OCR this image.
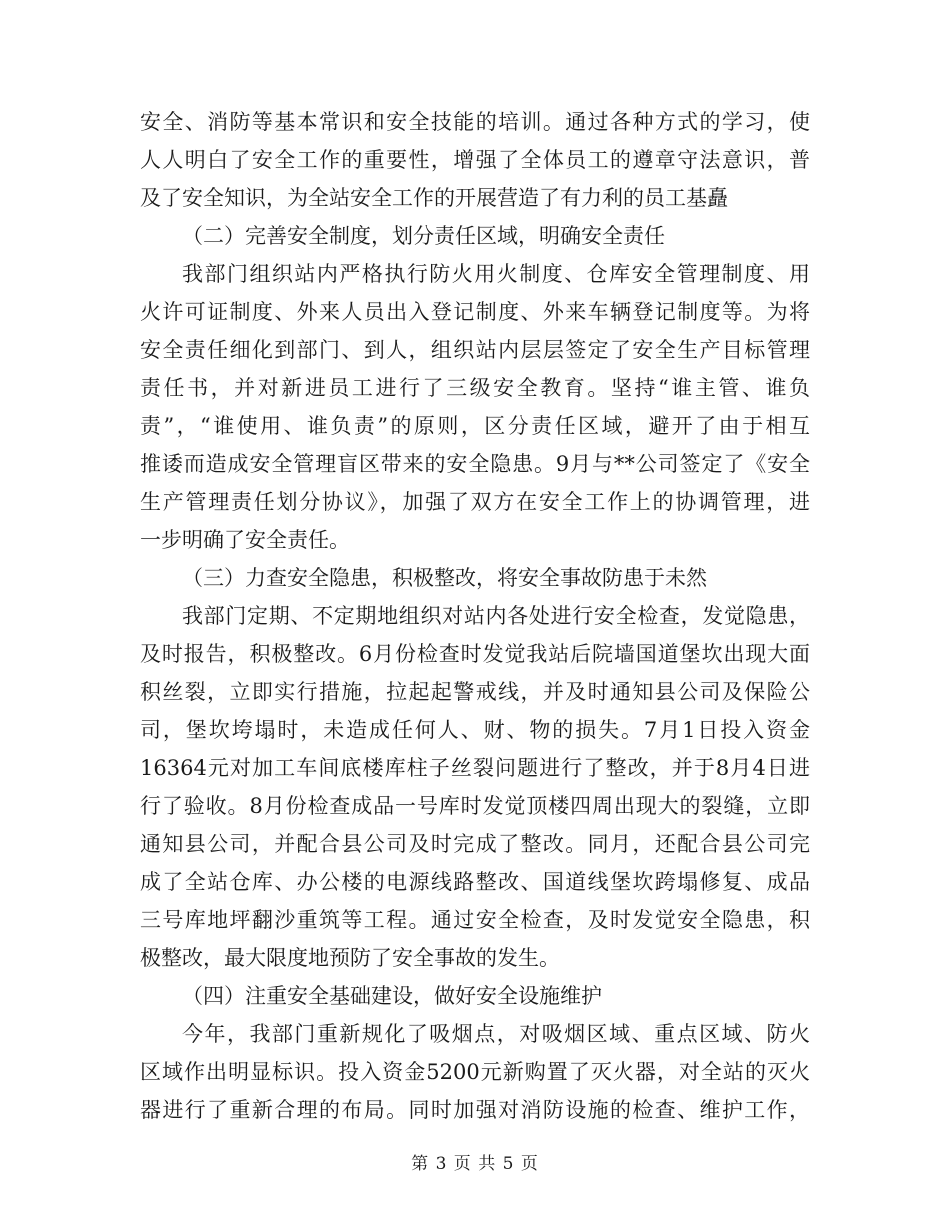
安全、消防等基本常识和安全技能的培训。通过各种方式的学习，使
人人明白了安全工作的重要性，增强了全体员工的遵章守法意识，普
及了安全知识，为全站安全工作的开展营造了有力利的员工基矗
（二）完善安全制度，划分责任区域，明确安全责任
我部门组织站内严格执行防火用火制度、仓库安全管理制度、用
火许可证制度、外来人员出入登记制度、外来车辆登记制度等。为将
安全责任细化到部门、到人，组织站内层层签定了安全生产目标管理
责任书，并对新进员工进行了三级安全教育。坚持“谁主管、谁负
责”，“谁使用、谁负责”的原则，区分责任区域，避开了由于相互
推诿而造成安全管理盲区带来的安全隐患。9月与**公司签定了《安全
生产管理责任划分协议》，加强了双方在安全工作上的协调管理，进
一步明确了安全责任。
（三）力查安全隐患，积极整改，将安全事故防患于未然
我部门定期、不定期地组织对站内各处进行安全检查，发觉隐患，
及时报告，积极整改。6月份检查时发觉我站后院墙国道堡坎出现大面
积丝裂，立即实行措施，拉起起警戒线，并及时通知县公司及保险公
司，堡坎垮塌时，未造成任何人、财、物的损失。7月1日投入资金
16364元对加工车间底楼库柱子丝裂问题进行了整改，并于8月4日进
行了验收。8月份检查成品一号库时发觉顶楼四周出现大的裂缝，立即
通知县公司，并配合县公司及时完成了整改。同月，还配合县公司完
成了全站仓库、办公楼的电源线路整改、国道线堡坎跨塌修复、成品
三号库地坪翻沙重筑等工程。通过安全检查，及时发觉安全隐患，积
极整改，最大限度地预防了安全事故的发生。
（四）注重安全基础建设，做好安全设施维护
今年，我部门重新规化了吸烟点，对吸烟区域、重点区域、防火
区域作出明显标识。投入资金5200元新购置了灭火器，对全站的灭火
器进行了重新合理的布局。同时加强对消防设施的检查、维护工作，
第 3 页 共 5 页
